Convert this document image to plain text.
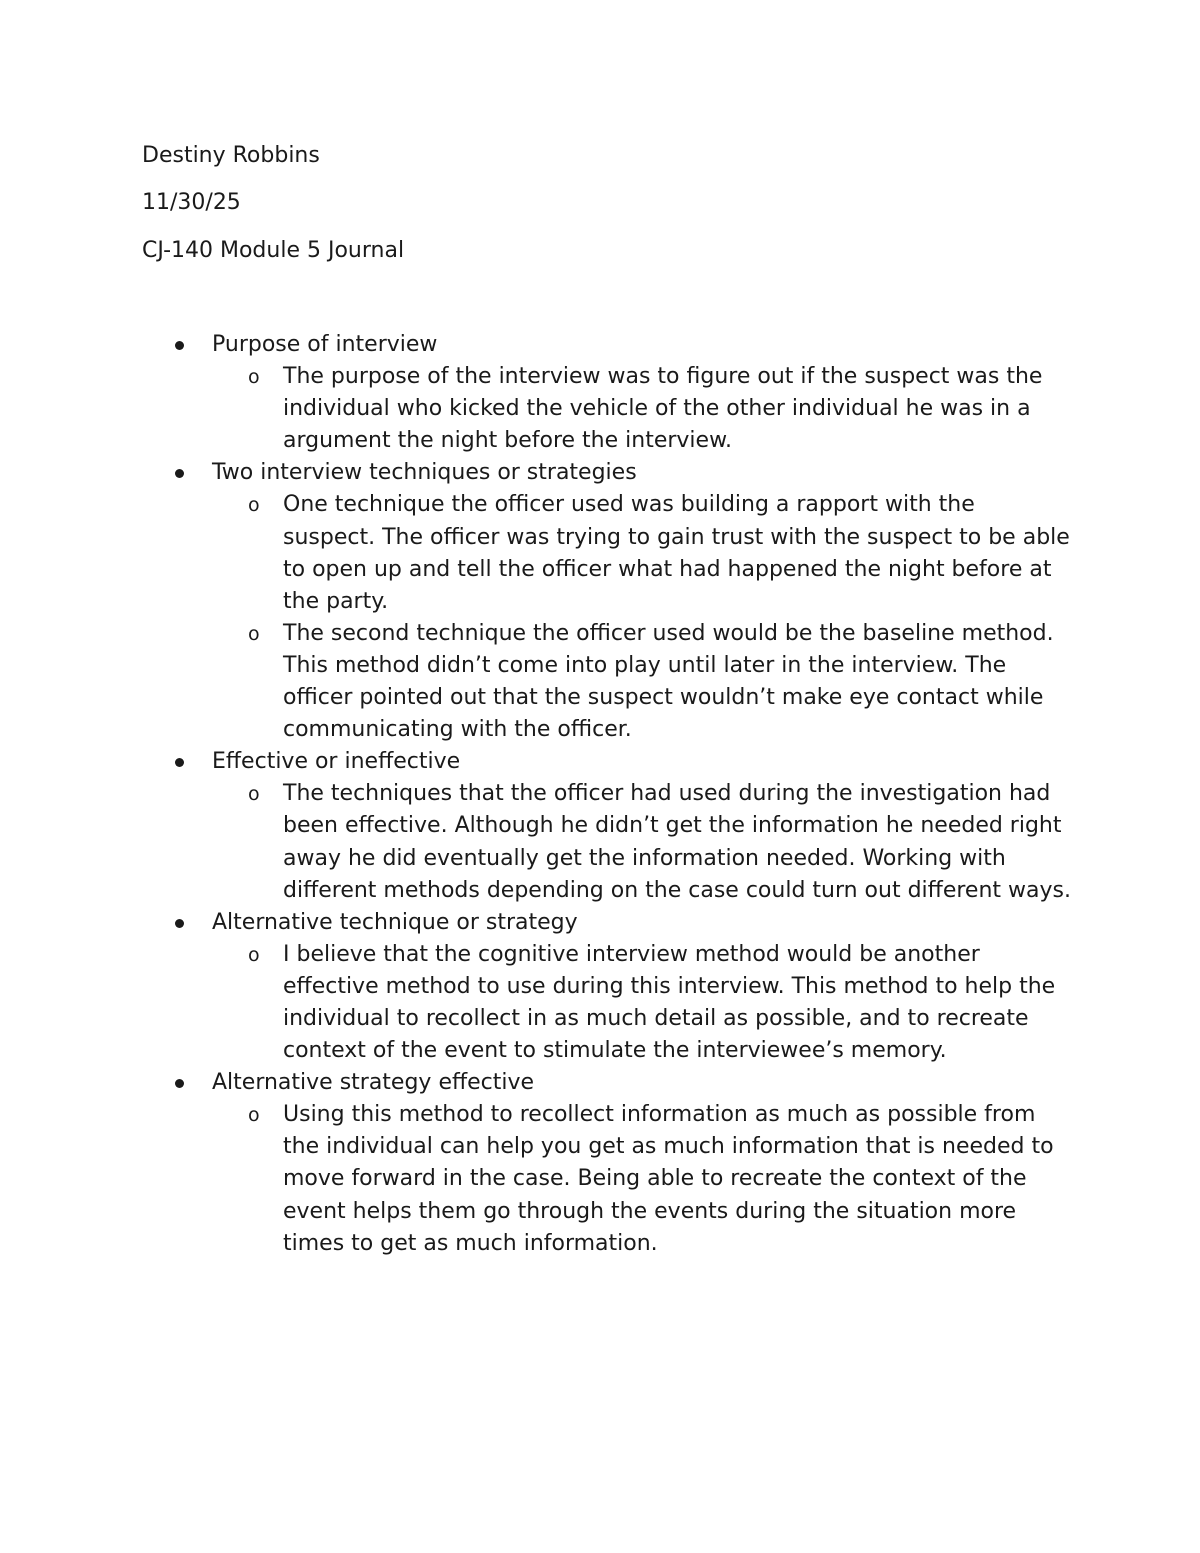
Destiny Robbins
11/30/25
CJ-140 Module 5 Journal
Purpose of interview
o The purpose of the interview was to figure out if the suspect was the individual who kicked the vehicle of the other individual he was in a argument the night before the interview.
Two interview techniques or strategies
o One technique the officer used was building a rapport with the suspect. The officer was trying to gain trust with the suspect to be able to open up and tell the officer what had happened the night before at the party.
o The second technique the officer used would be the baseline method. This method didn’t come into play until later in the interview. The officer pointed out that the suspect wouldn’t make eye contact while communicating with the officer.
Effective or ineffective
o The techniques that the officer had used during the investigation had been effective. Although he didn’t get the information he needed right away he did eventually get the information needed. Working with different methods depending on the case could turn out different ways.
Alternative technique or strategy
o I believe that the cognitive interview method would be another effective method to use during this interview. This method to help the individual to recollect in as much detail as possible, and to recreate context of the event to stimulate the interviewee’s memory.
Alternative strategy effective
o Using this method to recollect information as much as possible from the individual can help you get as much information that is needed to move forward in the case. Being able to recreate the context of the event helps them go through the events during the situation more times to get as much information.
